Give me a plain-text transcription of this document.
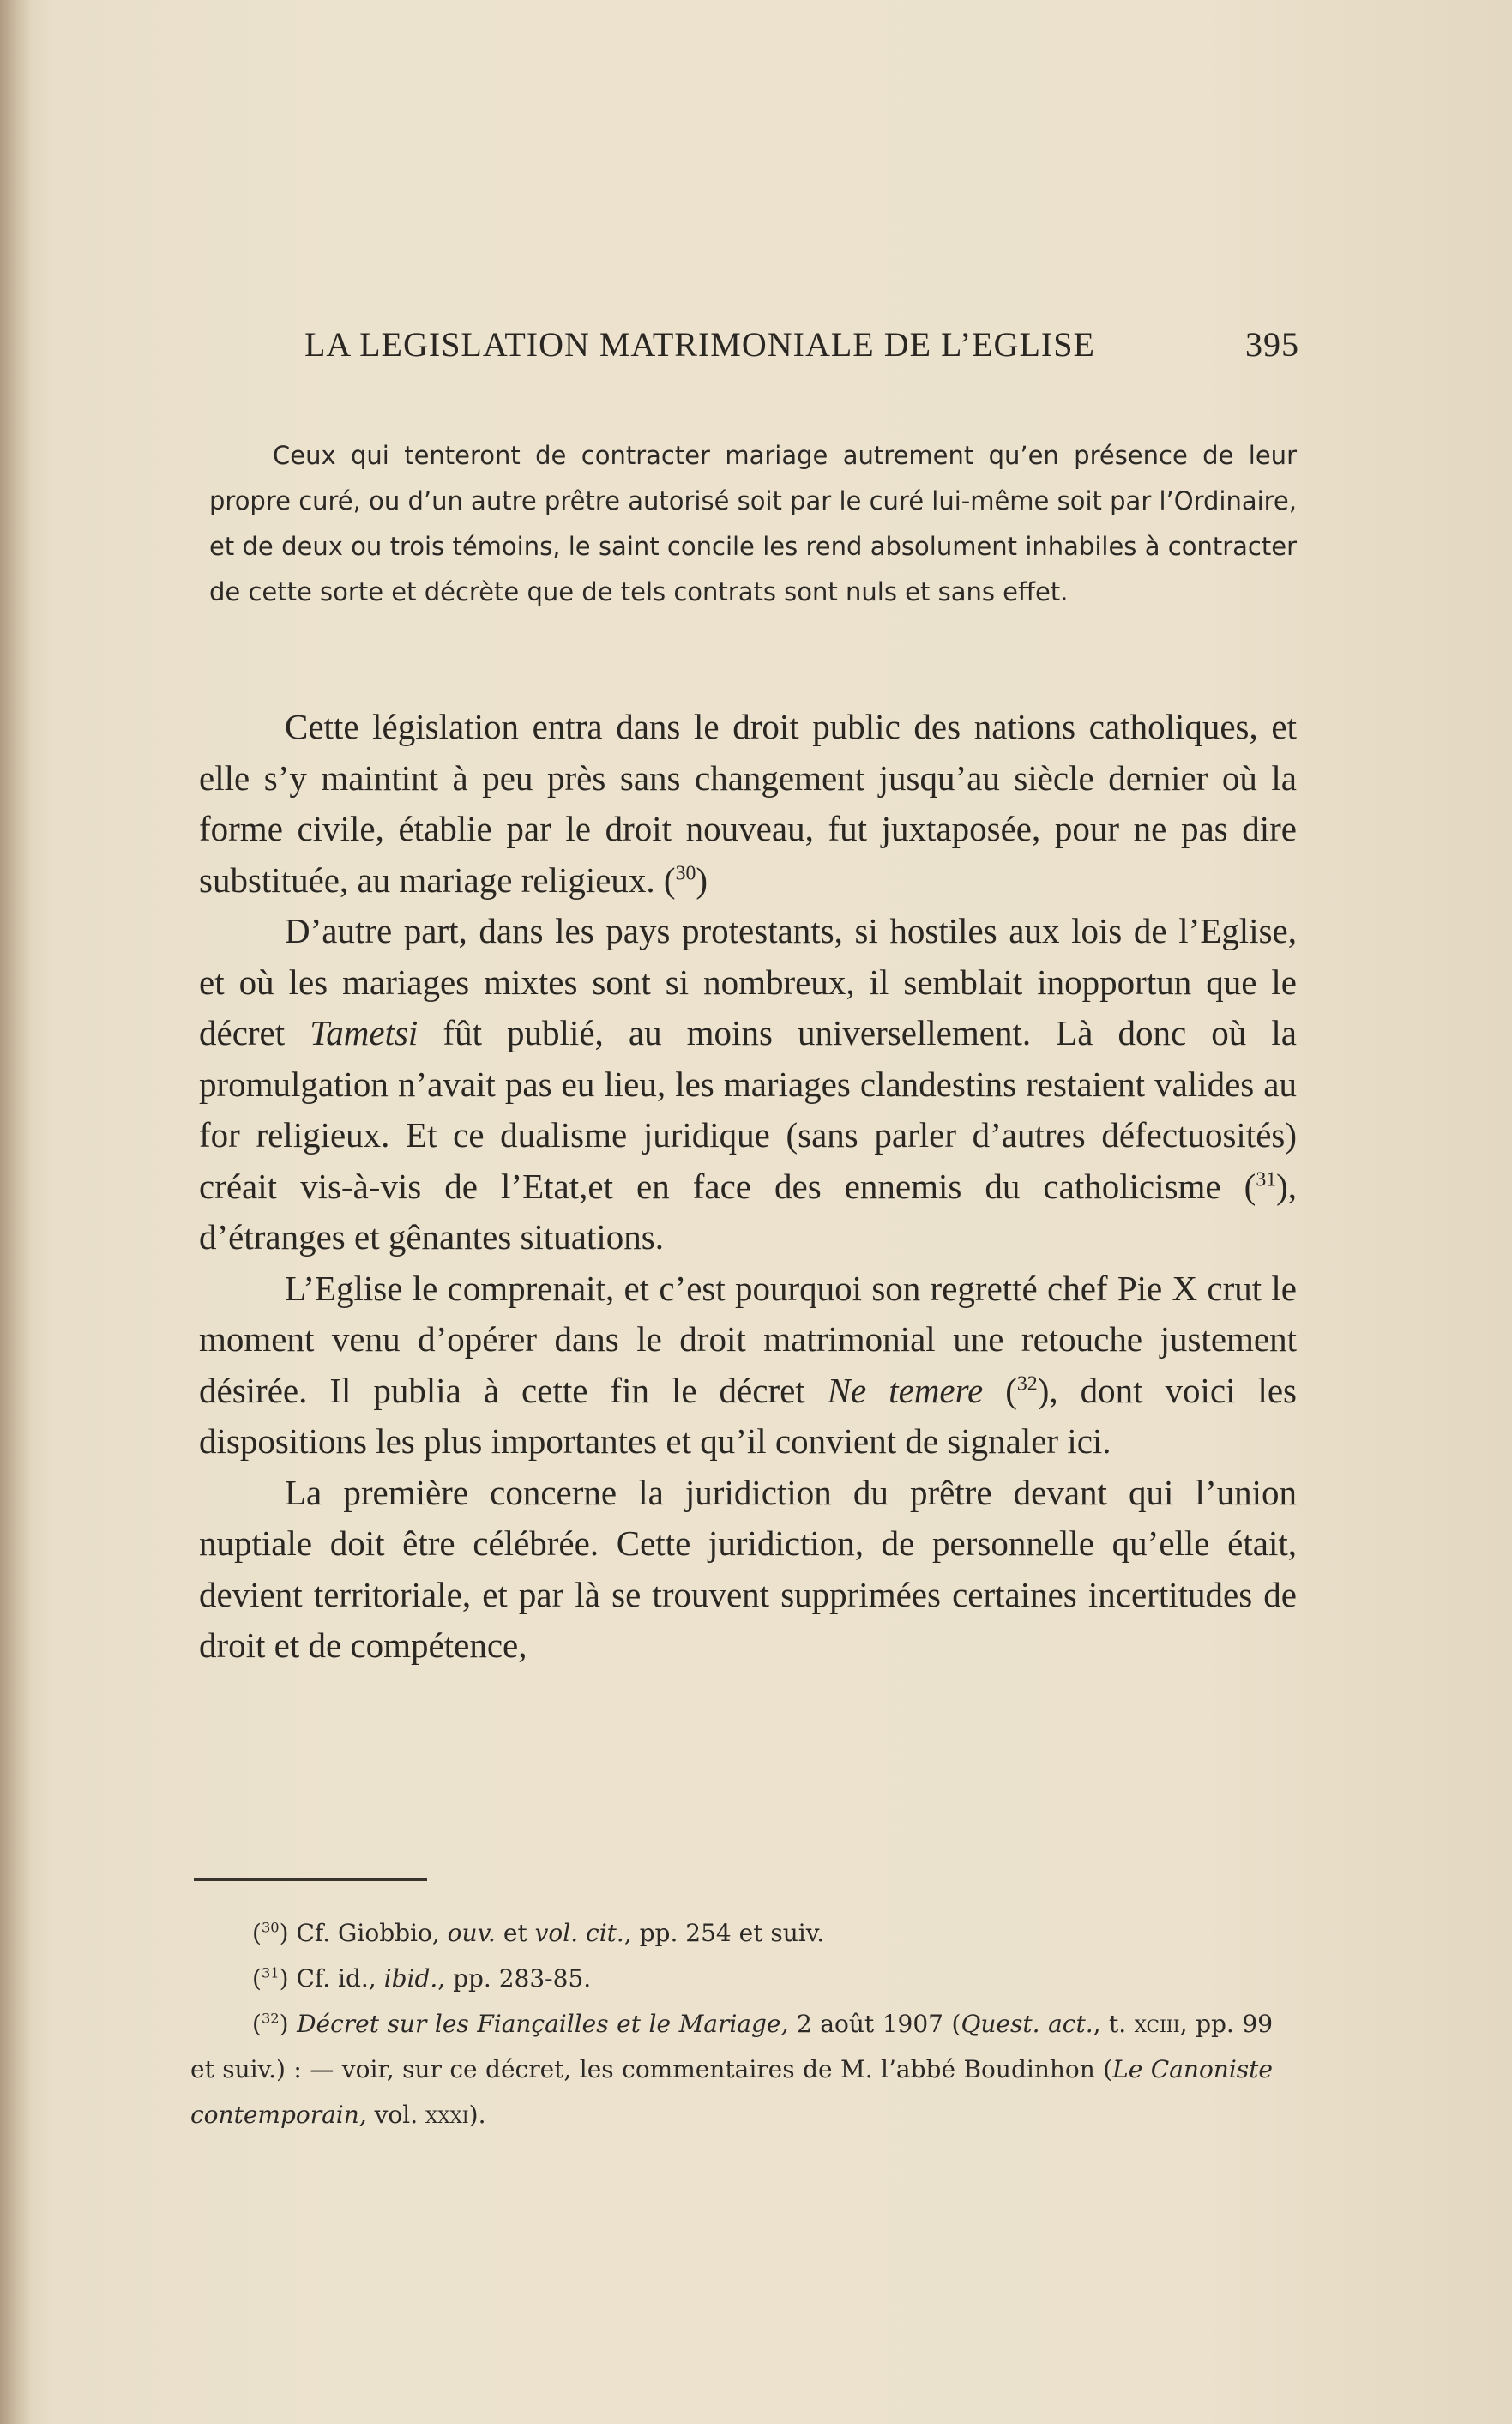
LA LEGISLATION MATRIMONIALE DE L’EGLISE	395
Ceux qui tenteront de contracter mariage autrement qu’en présence de leur propre curé, ou d’un autre prêtre autorisé soit par le curé lui-même soit par l’Ordinaire, et de deux ou trois témoins, le saint concile les rend absolument inhabiles à contracter de cette sorte et décrète que de tels contrats sont nuls et sans effet.

Cette législation entra dans le droit public des nations catholiques, et elle s’y maintint à peu près sans changement jusqu’au siècle dernier où la forme civile, établie par le droit nouveau, fut juxtaposée, pour ne pas dire substituée, au mariage religieux. ($^{30}$)

D’autre part, dans les pays protestants, si hostiles aux lois de l’Eglise, et où les mariages mixtes sont si nombreux, il semblait inopportun que le décret Tametsi fût publié, au moins universellement. Là donc où la promulgation n’avait pas eu lieu, les mariages clandestins restaient valides au for religieux. Et ce dualisme juridique (sans parler d’autres défectuosités) créait vis-à-vis de l’Etat,et en face des ennemis du catholicisme ($^{31}$), d’étranges et gênantes situations.

L’Eglise le comprenait, et c’est pourquoi son regretté chef Pie X crut le moment venu d’opérer dans le droit matrimonial une retouche justement désirée. Il publia à cette fin le décret Ne temere ($^{32}$), dont voici les dispositions les plus importantes et qu’il convient de signaler ici.

La première concerne la juridiction du prêtre devant qui l’union nuptiale doit être célébrée. Cette juridiction, de personnelle qu’elle était, devient territoriale, et par là se trouvent supprimées certaines incertitudes de droit et de compétence,

($^{30}$) Cf. Giobbio, ouv. et vol. cit., pp. 254 et suiv.

($^{31}$) Cf. id., ibid., pp. 283-85.

($^{32}$) Décret sur les Fiançailles et le Mariage, 2 août 1907 (Quest. act., t. xciii, pp. 99 et suiv.) : — voir, sur ce décret, les commentaires de M. l’abbé Boudinhon (Le Canoniste contemporain, vol. xxxi).
